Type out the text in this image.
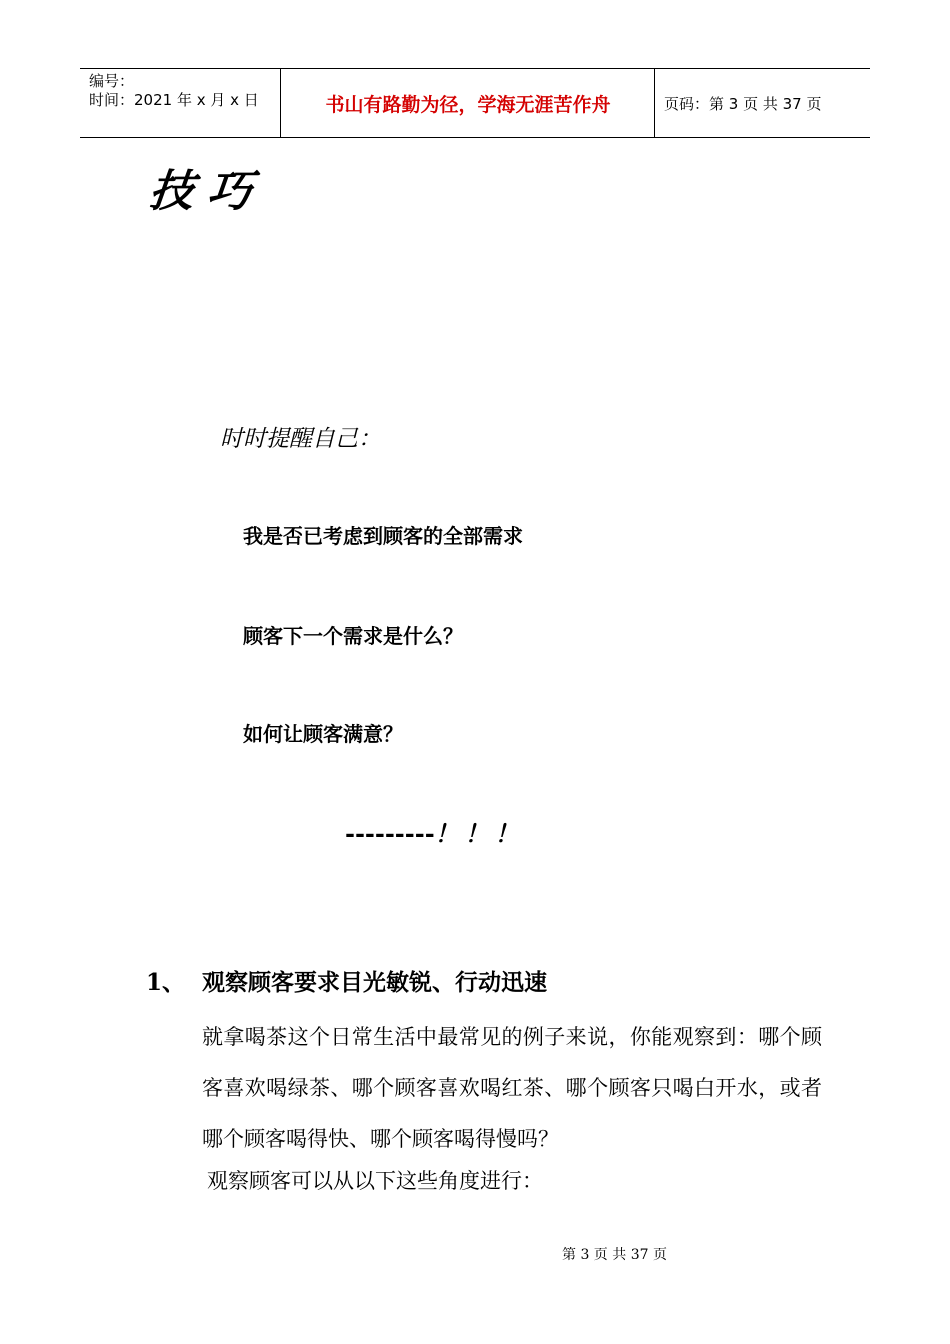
编号：
时间：2021 年 x 月 x 日	书山有路勤为径，学海无涯苦作舟	页码：第 3 页 共 37 页
技巧
时时提醒自己：
我是否已考虑到顾客的全部需求
顾客下一个需求是什么？
如何让顾客满意？
---------！！！
1、 观察顾客要求目光敏锐、行动迅速
就拿喝茶这个日常生活中最常见的例子来说，你能观察到：哪个顾客喜欢喝绿茶、哪个顾客喜欢喝红茶、哪个顾客只喝白开水，或者哪个顾客喝得快、哪个顾客喝得慢吗？
观察顾客可以从以下这些角度进行：
第 3 页 共 37 页
